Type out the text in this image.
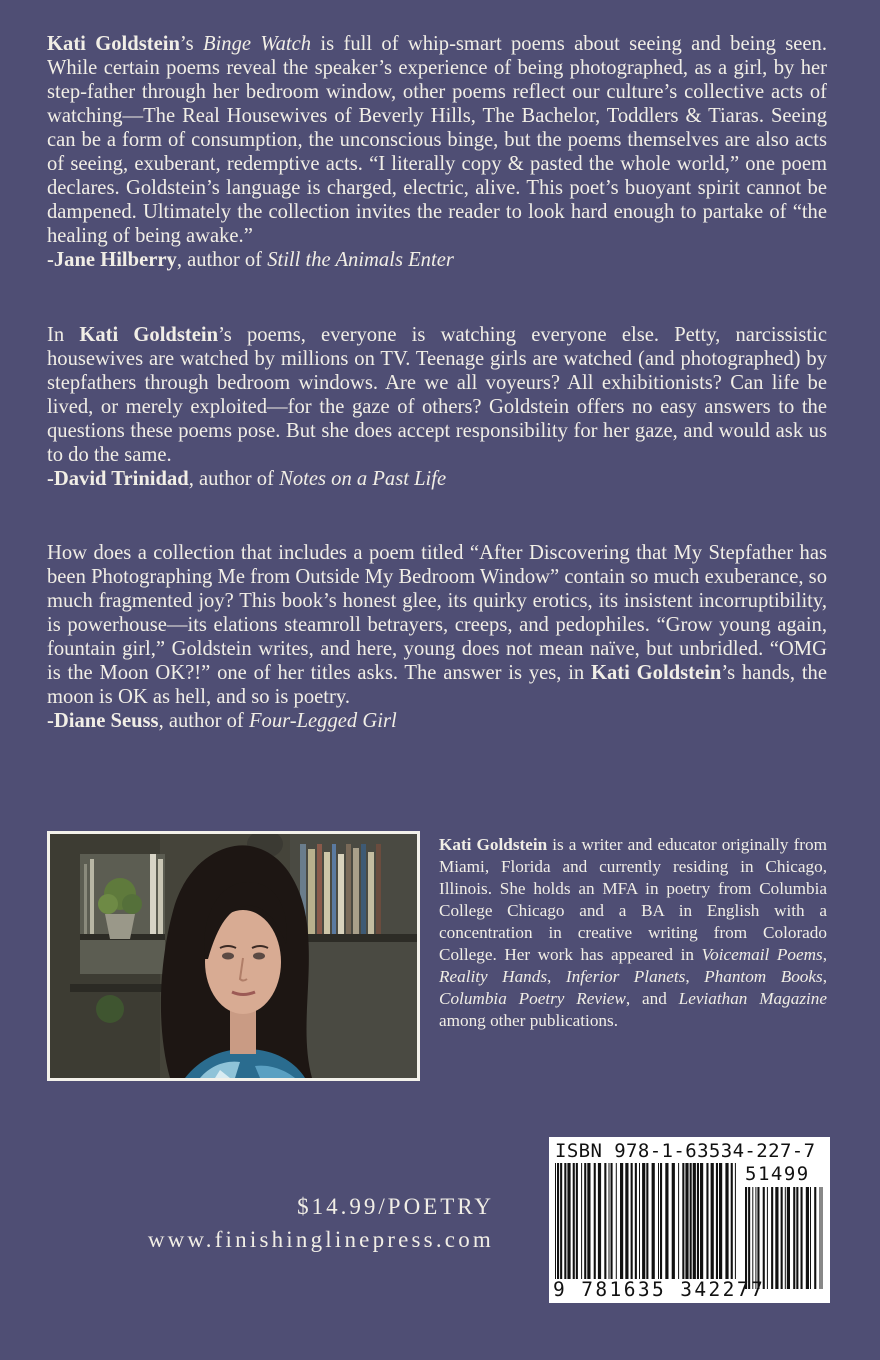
Kati Goldstein’s Binge Watch is full of whip-smart poems about seeing and being seen. While certain poems reveal the speaker’s experience of being photographed, as a girl, by her step-father through her bedroom window, other poems reflect our culture’s collective acts of watching—The Real Housewives of Beverly Hills, The Bachelor, Toddlers & Tiaras. Seeing can be a form of consumption, the unconscious binge, but the poems themselves are also acts of seeing, exuberant, redemptive acts. “I literally copy & pasted the whole world,” one poem declares. Goldstein’s language is charged, electric, alive. This poet’s buoyant spirit cannot be dampened. Ultimately the collection invites the reader to look hard enough to partake of “the healing of being awake.”

-Jane Hilberry, author of Still the Animals Enter

In Kati Goldstein’s poems, everyone is watching everyone else. Petty, narcissistic housewives are watched by millions on TV. Teenage girls are watched (and photographed) by stepfathers through bedroom windows. Are we all voyeurs? All exhibitionists? Can life be lived, or merely exploited—for the gaze of others? Goldstein offers no easy answers to the questions these poems pose. But she does accept responsibility for her gaze, and would ask us to do the same.

-David Trinidad, author of Notes on a Past Life

How does a collection that includes a poem titled “After Discovering that My Stepfather has been Photographing Me from Outside My Bedroom Window” contain so much exuberance, so much fragmented joy? This book’s honest glee, its quirky erotics, its insistent incorruptibility, is powerhouse—its elations steamroll betrayers, creeps, and pedophiles. “Grow young again, fountain girl,” Goldstein writes, and here, young does not mean naïve, but unbridled. “OMG is the Moon OK?!” one of her titles asks. The answer is yes, in Kati Goldstein’s hands, the moon is OK as hell, and so is poetry.

-Diane Seuss, author of Four-Legged Girl

Kati Goldstein is a writer and educator originally from Miami, Florida and currently residing in Chicago, Illinois. She holds an MFA in poetry from Columbia College Chicago and a BA in English with a concentration in creative writing from Colorado College. Her work has appeared in Voicemail Poems, Reality Hands, Inferior Planets, Phantom Books, Columbia Poetry Review, and Leviathan Magazine among other publications.

$14.99/POETRY
www.finishinglinepress.com
ISBN 978-1-63534-227-7
51499
9 781635 342277
